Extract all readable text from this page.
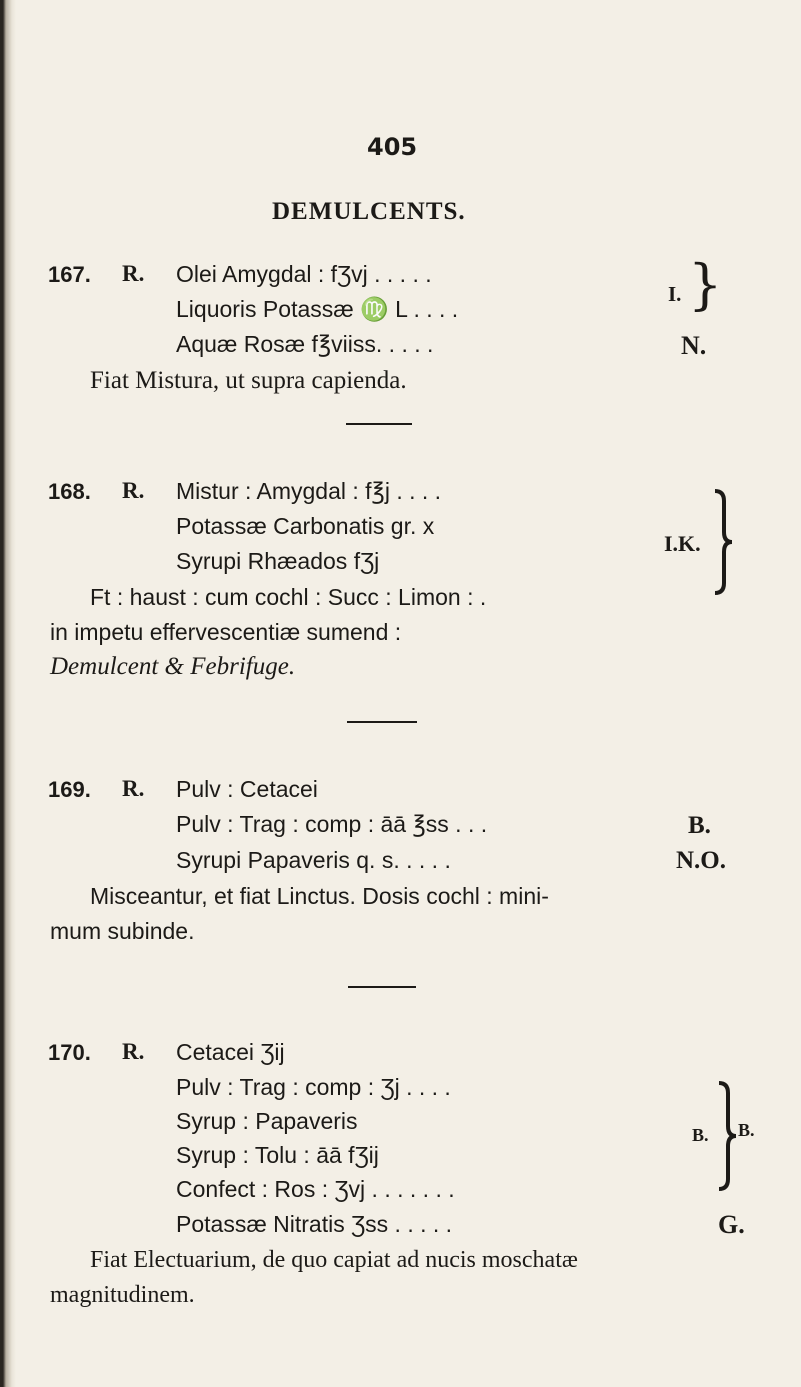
405
DEMULCENTS.
167. R. Olei Amygdal : fƷvj . . . . .
Liquoris Potassæ ♍ L . . . .
Aquæ Rosæ f℥viiss. . . . .
Fiat Mistura, ut supra capienda.
I. }
N.
168. R. Mistur : Amygdal : f℥j . . . .
Potassæ Carbonatis gr. x
Syrupi Rhæados fƷj
Ft : haust : cum cochl : Succ : Limon : .
in impetu effervescentiæ sumend :
Demulcent & Febrifuge.
I.K.
169. R. Pulv : Cetacei
Pulv : Trag : comp : āā ℥ss . . .
Syrupi Papaveris q. s. . . . .
B.
N.O.
Misceantur, et fiat Linctus. Dosis cochl : mini-
mum subinde.
170. R. Cetacei Ʒij
Pulv : Trag : comp : Ʒj . . . .
Syrup : Papaveris
Syrup : Tolu : āā fƷij
Confect : Ros : Ʒvj . . . . . . .
Potassæ Nitratis Ʒss . . . . .
B. B.
G.
Fiat Electuarium, de quo capiat ad nucis moschatæ
magnitudinem.
